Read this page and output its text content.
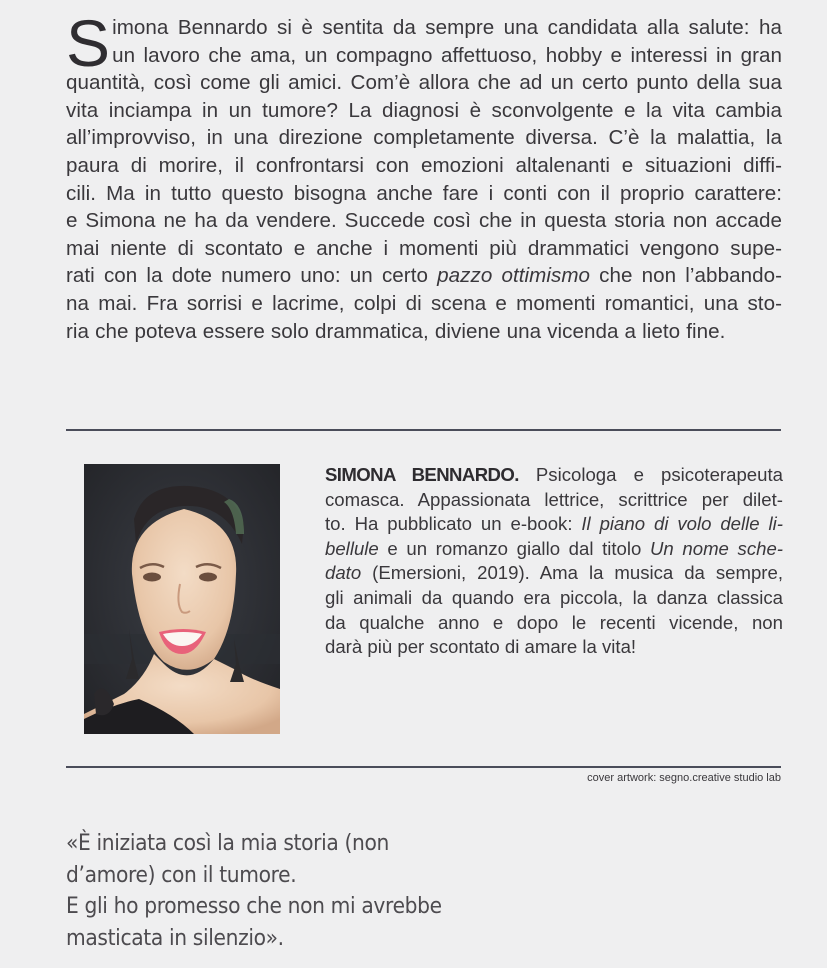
S imona Bennardo si è sentita da sempre una candidata alla salute: ha
un lavoro che ama, un compagno affettuoso, hobby e interessi in gran
quantità, così come gli amici. Com’è allora che ad un certo punto della sua
vita inciampa in un tumore? La diagnosi è sconvolgente e la vita cambia
all’improvviso, in una direzione completamente diversa. C’è la malattia, la
paura di morire, il confrontarsi con emozioni altalenanti e situazioni diffi-
cili. Ma in tutto questo bisogna anche fare i conti con il proprio carattere:
e Simona ne ha da vendere. Succede così che in questa storia non accade
mai niente di scontato e anche i momenti più drammatici vengono supe-
rati con la dote numero uno: un certo pazzo ottimismo che non l’abbando-
na mai. Fra sorrisi e lacrime, colpi di scena e momenti romantici, una sto-
ria che poteva essere solo drammatica, diviene una vicenda a lieto fine.
SIMONA BENNARDO. Psicologa e psicoterapeuta
comasca. Appassionata lettrice, scrittrice per dilet-
to. Ha pubblicato un e-book: Il piano di volo delle li-
bellule e un romanzo giallo dal titolo Un nome sche-
dato (Emersioni, 2019). Ama la musica da sempre,
gli animali da quando era piccola, la danza classica
da qualche anno e dopo le recenti vicende, non
darà più per scontato di amare la vita!
cover artwork: segno.creative studio lab
«È iniziata così la mia storia (non
d’amore) con il tumore.
E gli ho promesso che non mi avrebbe
masticata in silenzio».
